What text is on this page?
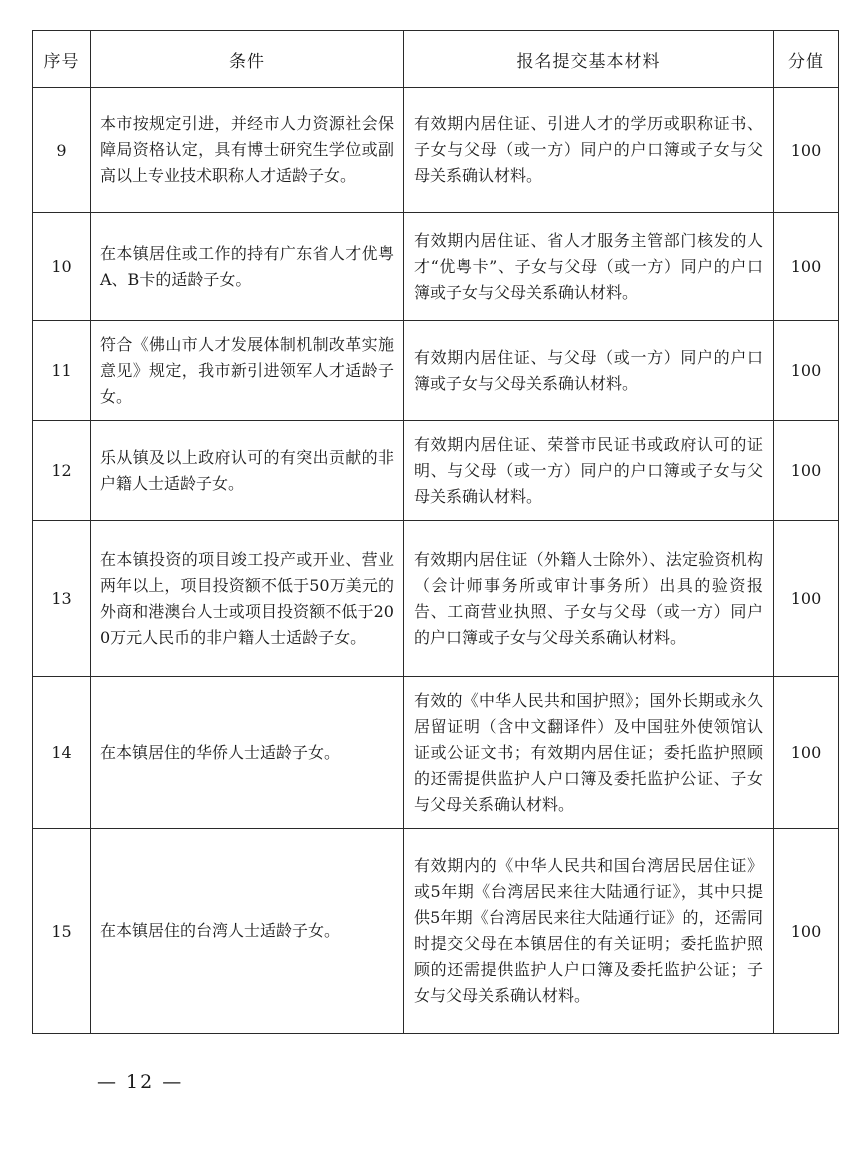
序号	条件	报名提交基本材料	分值
9	本市按规定引进，并经市人力资源社会保障局资格认定，具有博士研究生学位或副高以上专业技术职称人才适龄子女。	有效期内居住证、引进人才的学历或职称证书、子女与父母（或一方）同户的户口簿或子女与父母关系确认材料。	100
10	在本镇居住或工作的持有广东省人才优粤A、B卡的适龄子女。	有效期内居住证、省人才服务主管部门核发的人才“优粤卡”、子女与父母（或一方）同户的户口簿或子女与父母关系确认材料。	100
11	符合《佛山市人才发展体制机制改革实施意见》规定，我市新引进领军人才适龄子女。	有效期内居住证、与父母（或一方）同户的户口簿或子女与父母关系确认材料。	100
12	乐从镇及以上政府认可的有突出贡献的非户籍人士适龄子女。	有效期内居住证、荣誉市民证书或政府认可的证明、与父母（或一方）同户的户口簿或子女与父母关系确认材料。	100
13	在本镇投资的项目竣工投产或开业、营业两年以上，项目投资额不低于50万美元的外商和港澳台人士或项目投资额不低于200万元人民币的非户籍人士适龄子女。	有效期内居住证（外籍人士除外）、法定验资机构（会计师事务所或审计事务所）出具的验资报告、工商营业执照、子女与父母（或一方）同户的户口簿或子女与父母关系确认材料。	100
14	在本镇居住的华侨人士适龄子女。	有效的《中华人民共和国护照》；国外长期或永久居留证明（含中文翻译件）及中国驻外使领馆认证或公证文书；有效期内居住证；委托监护照顾的还需提供监护人户口簿及委托监护公证、子女与父母关系确认材料。	100
15	在本镇居住的台湾人士适龄子女。	有效期内的《中华人民共和国台湾居民居住证》或5年期《台湾居民来往大陆通行证》，其中只提供5年期《台湾居民来往大陆通行证》的，还需同时提交父母在本镇居住的有关证明；委托监护照顾的还需提供监护人户口簿及委托监护公证；子女与父母关系确认材料。	100
— 12 —
